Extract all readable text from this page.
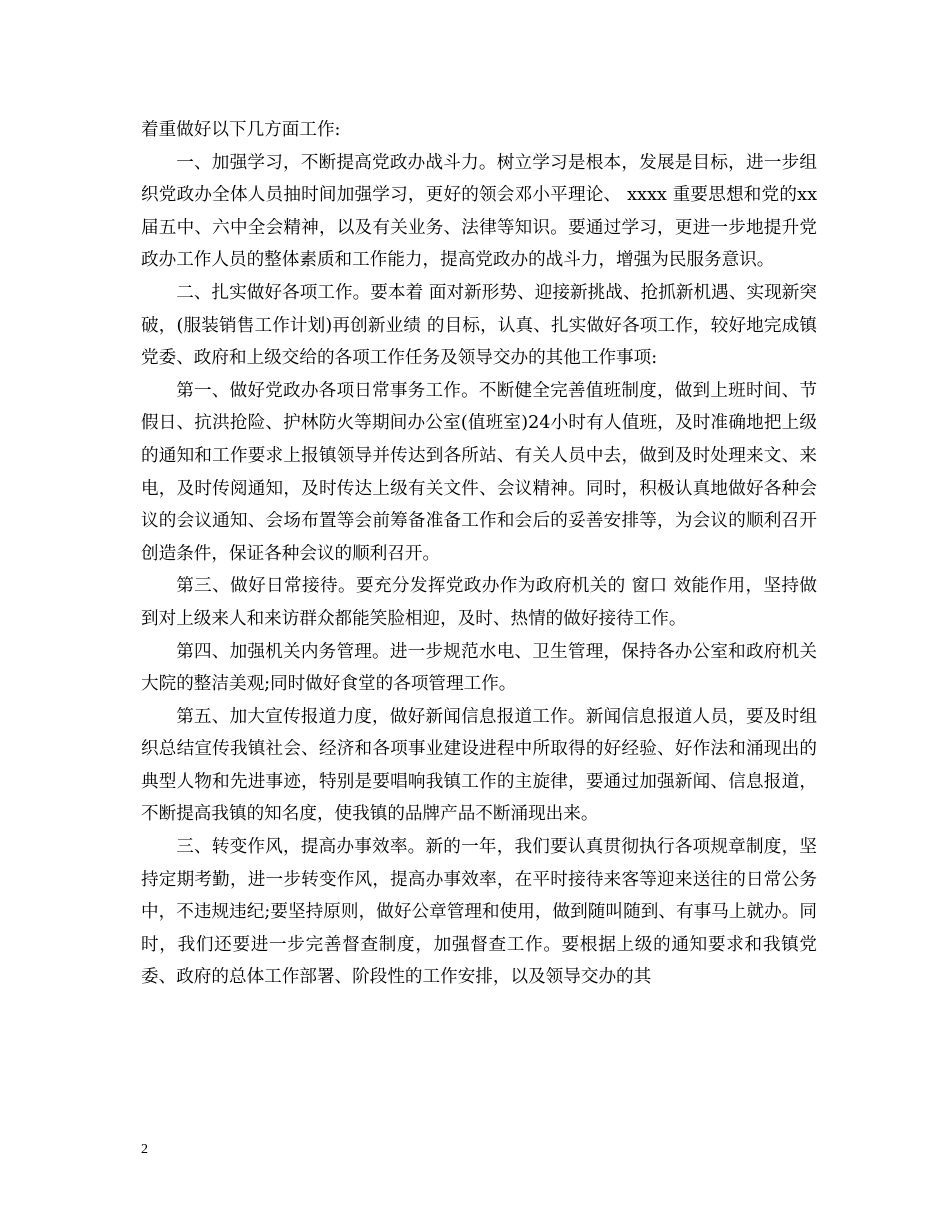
着重做好以下几方面工作:

一、加强学习，不断提高党政办战斗力。树立学习是根本，发展是目标，进一步组织党政办全体人员抽时间加强学习，更好的领会邓小平理论、 xxxx 重要思想和党的xx届五中、六中全会精神，以及有关业务、法律等知识。要通过学习，更进一步地提升党政办工作人员的整体素质和工作能力，提高党政办的战斗力，增强为民服务意识。

二、扎实做好各项工作。要本着 面对新形势、迎接新挑战、抢抓新机遇、实现新突破，(服装销售工作计划)再创新业绩 的目标，认真、扎实做好各项工作，较好地完成镇党委、政府和上级交给的各项工作任务及领导交办的其他工作事项:

第一、做好党政办各项日常事务工作。不断健全完善值班制度，做到上班时间、节假日、抗洪抢险、护林防火等期间办公室(值班室)24小时有人值班，及时准确地把上级的通知和工作要求上报镇领导并传达到各所站、有关人员中去，做到及时处理来文、来电，及时传阅通知，及时传达上级有关文件、会议精神。同时，积极认真地做好各种会议的会议通知、会场布置等会前筹备准备工作和会后的妥善安排等，为会议的顺利召开创造条件，保证各种会议的顺利召开。

第三、做好日常接待。要充分发挥党政办作为政府机关的 窗口 效能作用，坚持做到对上级来人和来访群众都能笑脸相迎，及时、热情的做好接待工作。

第四、加强机关内务管理。进一步规范水电、卫生管理，保持各办公室和政府机关大院的整洁美观;同时做好食堂的各项管理工作。

第五、加大宣传报道力度，做好新闻信息报道工作。新闻信息报道人员，要及时组织总结宣传我镇社会、经济和各项事业建设进程中所取得的好经验、好作法和涌现出的典型人物和先进事迹，特别是要唱响我镇工作的主旋律，要通过加强新闻、信息报道，不断提高我镇的知名度，使我镇的品牌产品不断涌现出来。

三、转变作风，提高办事效率。新的一年，我们要认真贯彻执行各项规章制度，坚持定期考勤，进一步转变作风，提高办事效率，在平时接待来客等迎来送往的日常公务中，不违规违纪;要坚持原则，做好公章管理和使用，做到随叫随到、有事马上就办。同时，我们还要进一步完善督查制度，加强督查工作。要根据上级的通知要求和我镇党委、政府的总体工作部署、阶段性的工作安排，以及领导交办的其

2
